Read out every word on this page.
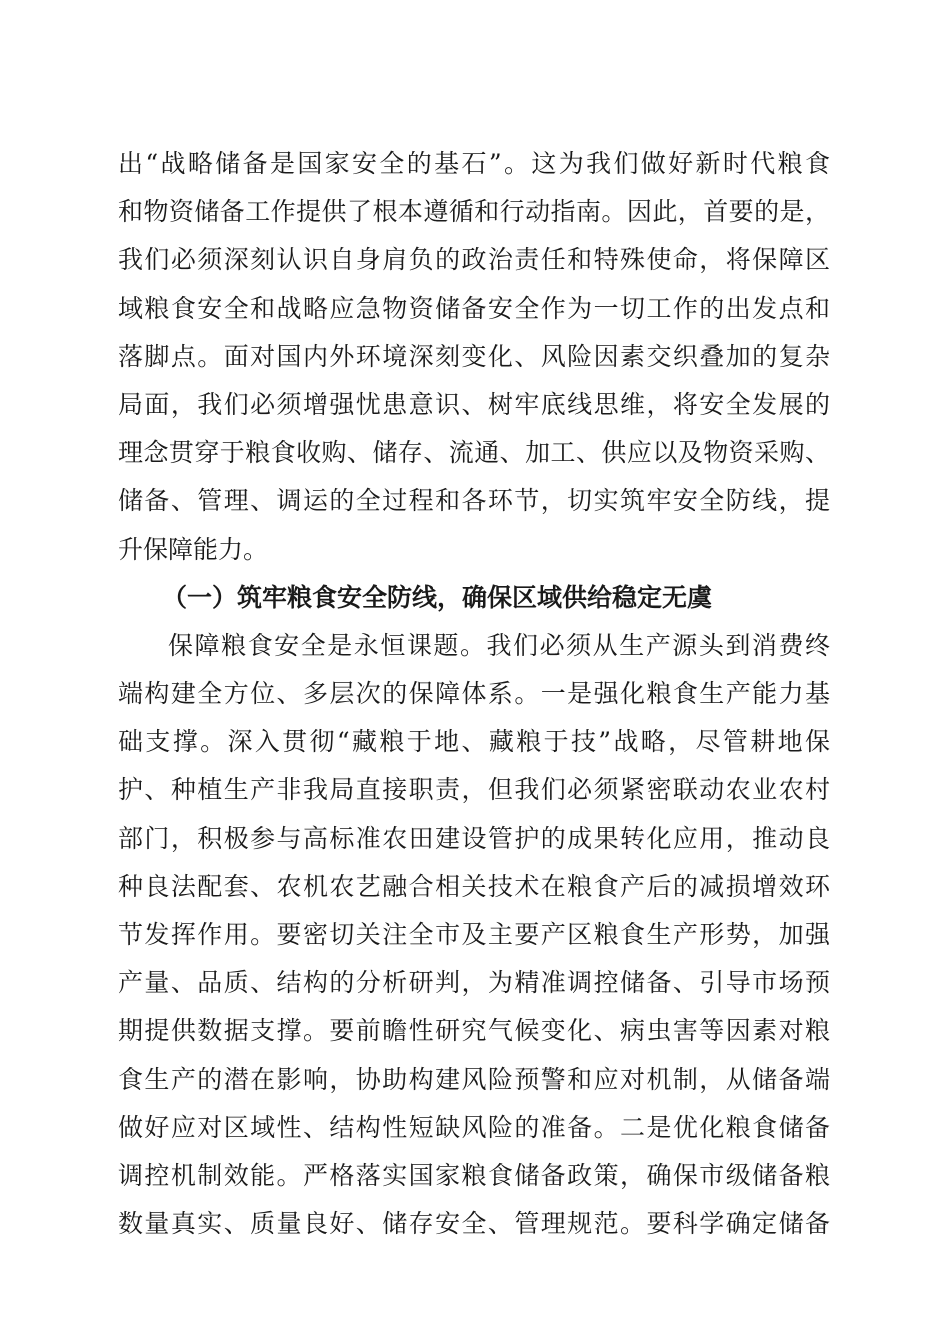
出“战略储备是国家安全的基石”。这为我们做好新时代粮食
和物资储备工作提供了根本遵循和行动指南。因此，首要的是，
我们必须深刻认识自身肩负的政治责任和特殊使命，将保障区
域粮食安全和战略应急物资储备安全作为一切工作的出发点和
落脚点。面对国内外环境深刻变化、风险因素交织叠加的复杂
局面，我们必须增强忧患意识、树牢底线思维，将安全发展的
理念贯穿于粮食收购、储存、流通、加工、供应以及物资采购、
储备、管理、调运的全过程和各环节，切实筑牢安全防线，提
升保障能力。
（一）筑牢粮食安全防线，确保区域供给稳定无虞
保障粮食安全是永恒课题。我们必须从生产源头到消费终
端构建全方位、多层次的保障体系。一是强化粮食生产能力基
础支撑。深入贯彻“藏粮于地、藏粮于技”战略，尽管耕地保
护、种植生产非我局直接职责，但我们必须紧密联动农业农村
部门，积极参与高标准农田建设管护的成果转化应用，推动良
种良法配套、农机农艺融合相关技术在粮食产后的减损增效环
节发挥作用。要密切关注全市及主要产区粮食生产形势，加强
产量、品质、结构的分析研判，为精准调控储备、引导市场预
期提供数据支撑。要前瞻性研究气候变化、病虫害等因素对粮
食生产的潜在影响，协助构建风险预警和应对机制，从储备端
做好应对区域性、结构性短缺风险的准备。二是优化粮食储备
调控机制效能。严格落实国家粮食储备政策，确保市级储备粮
数量真实、质量良好、储存安全、管理规范。要科学确定储备
